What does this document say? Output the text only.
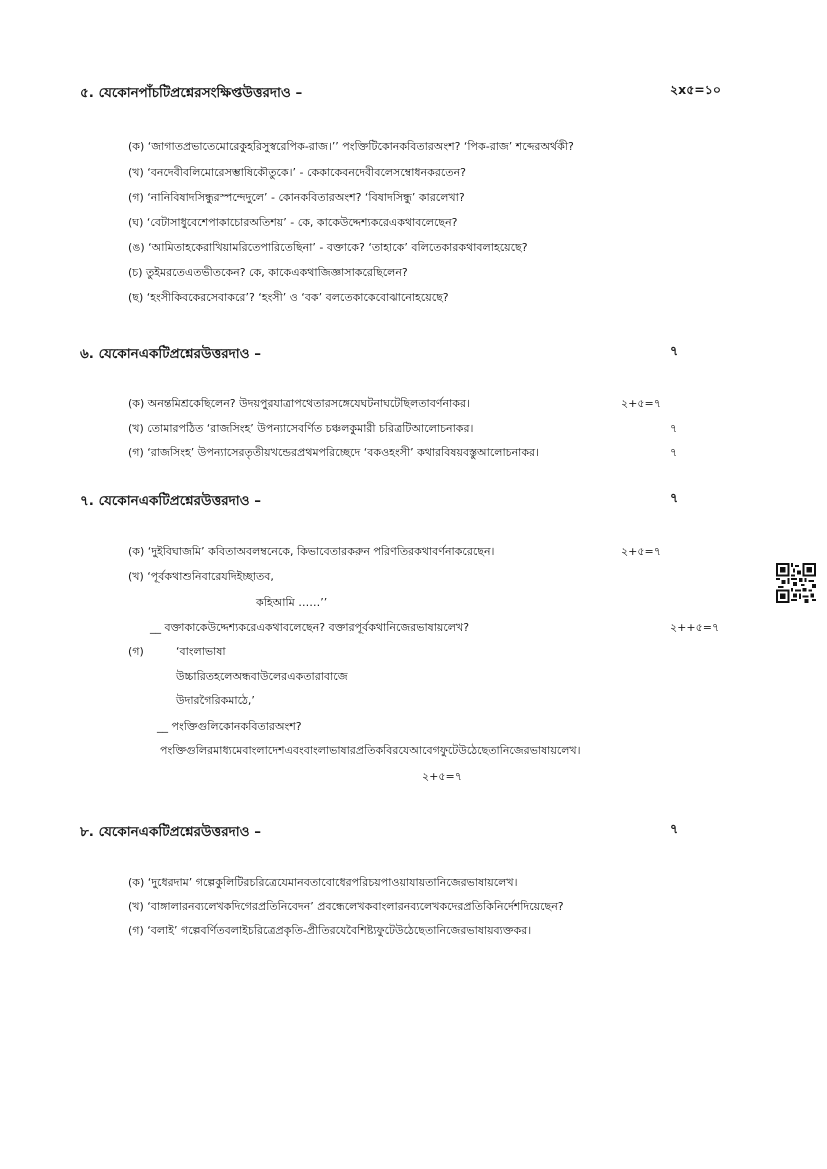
৫. যেকোনপাঁচটিপ্রশ্নেরসংক্ষিপ্তউত্তরদাও –	২x৫=১০
(ক) ‘জাগাতপ্রভাতেমোরেকুহরিসুস্বরেপিক-রাজ।’’ পংক্তিটিকোনকবিতারঅংশ? ‘পিক-রাজ’ শব্দেরঅর্থকী?
(খ) ‘বনদেবীবলিমোরেসম্ভাষিকৌতুকে।’ - কেকাকেবনদেবীবলেসম্বোধনকরতেন?
(গ) ‘নানিবিষাদসিন্ধুরস্পন্দেদুলে’ - কোনকবিতারঅংশ? ‘বিষাদসিন্ধু’ কারলেখা?
(ঘ) ‘বেটাসাধুবেশেপাকাচোরঅতিশয়’ - কে, কাকেউদ্দেশ্যকরেএকথাবলেছেন?
(ঙ) ‘আমিতাহকেরাখিয়ামরিতেপারিতেছিনা’ - বক্তাকে? ‘তাহাকে’ বলিতেকারকথাবলাহয়েছে?
(চ) তুইমরতেএতভীতকেন? কে, কাকেএকথাজিজ্ঞাসাকরেছিলেন?
(ছ) ‘হংসীকিবকেরসেবাকরে’? ‘হংসী’ ও ‘বক’ বলতেকাকেবোঝানোহয়েছে?
৬. যেকোনএকটিপ্রশ্নেরউত্তরদাও –	৭
(ক) অনন্তমিশ্রকেছিলেন? উদয়পুরযাত্রাপথেতারসঙ্গেযেঘটনাঘটেছিলতাবর্ণনাকর।	২+৫=৭
(খ) তোমারপঠিত ‘রাজসিংহ’ উপন্যাসেবর্ণিত চঞ্চলকুমারী চরিত্রটিআলোচনাকর।	৭
(গ) ‘রাজসিংহ’ উপন্যাসেরতৃতীয়খন্ডেরপ্রথমপরিচ্ছেদে ‘বকওহংসী’ কথারবিষয়বস্তুআলোচনাকর।	৭
৭. যেকোনএকটিপ্রশ্নেরউত্তরদাও –	৭
(ক) ‘দুইবিঘাজমি’ কবিতাঅবলম্বনেকে, কিভাবেতারকরুন পরিণতিরকথাবর্ণনাকরেছেন।	২+৫=৭
(খ) ‘পূর্বকথাশুনিবারেযদিইচ্ছাতব,
কহিআমি ……’’
__ বক্তাকাকেউদ্দেশ্যকরেএকথাবলেছেন? বক্তারপূর্বকথানিজেরভাষায়লেখ?	২++৫=৭
(গ)	‘বাংলাভাষা
উচ্চারিতহলেঅন্ধবাউলেরএকতারাবাজে
উদারগৈরিকমাঠে,’
__ পংক্তিগুলিকোনকবিতারঅংশ?
পংক্তিগুলিরমাধ্যমেবাংলাদেশএবংবাংলাভাষারপ্রতিকবিরযেআবেগফুটেউঠেছেতানিজেরভাষায়লেখ।
২+৫=৭
৮. যেকোনএকটিপ্রশ্নেরউত্তরদাও –	৭
(ক) ‘দুধেরদাম’ গল্পেকুলিটিরচরিত্রেযেমানবতাবোধেরপরিচয়পাওয়াযায়তানিজেরভাষায়লেখ।
(খ) ‘বাঙ্গালারনব্যলেখকদিগেরপ্রতিনিবেদন’ প্রবন্ধেলেখকবাংলারনব্যলেখকদেরপ্রতিকিনির্দেশদিয়েছেন?
(গ) ‘বলাই’ গল্পেবর্ণিতবলাইচরিত্রেপ্রকৃতি-প্রীতিরযেবৈশিষ্ট্যফুটেউঠেছেতানিজেরভাষায়ব্যক্তকর।
